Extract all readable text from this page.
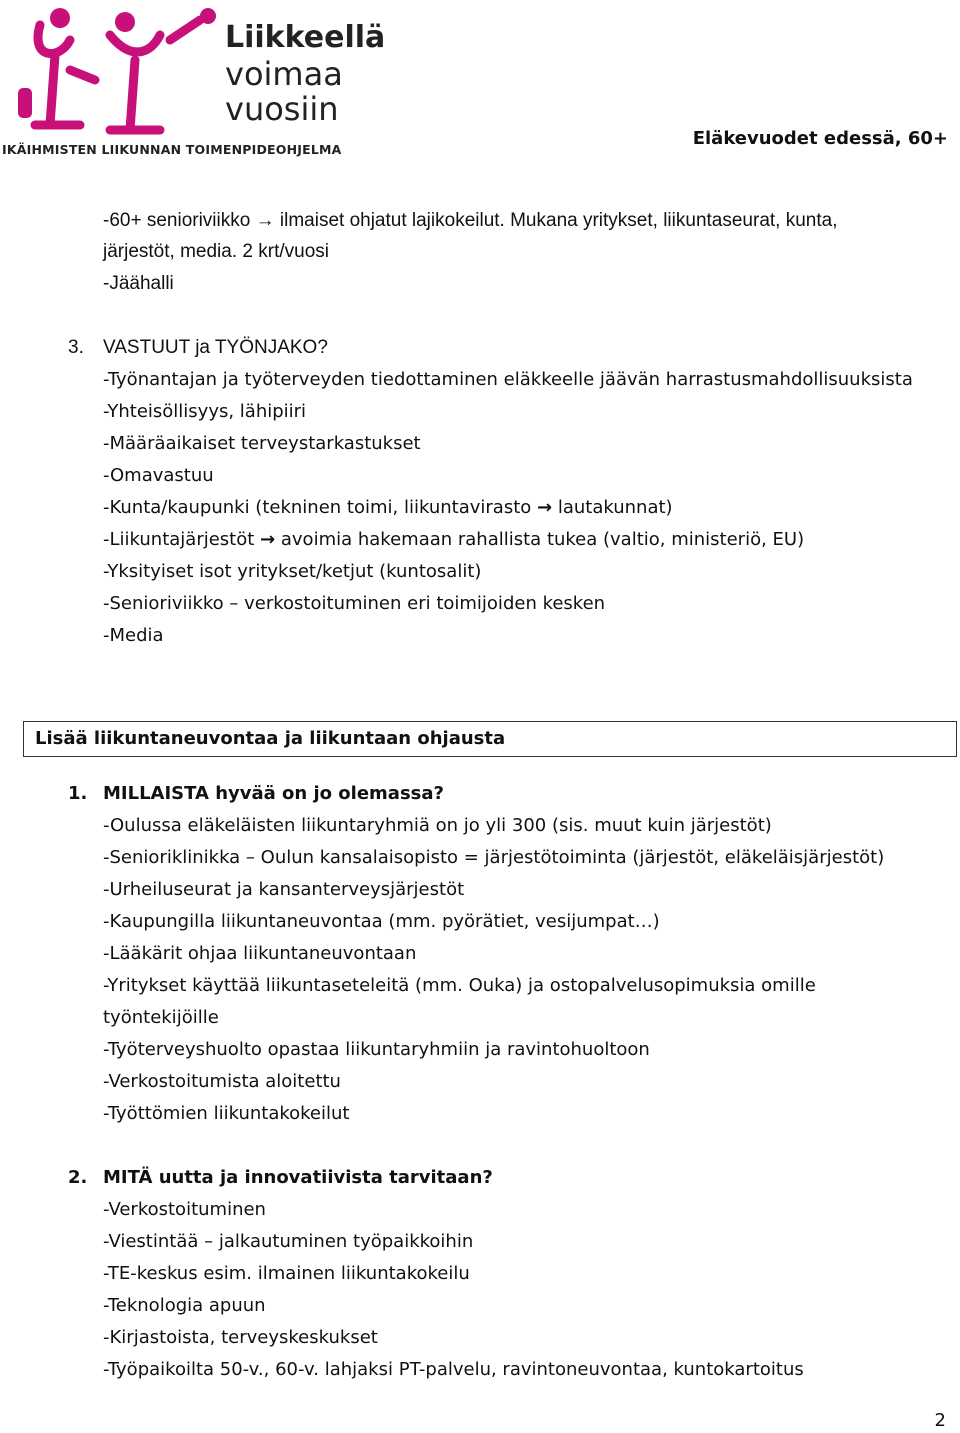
Liikkeellä
voimaa
vuosiin
IKÄIHMISTEN LIIKUNNAN TOIMENPIDEOHJELMA
Eläkevuodet edessä, 60+
-60+ senioriviikko → ilmaiset ohjatut lajikokeilut. Mukana yritykset, liikuntaseurat, kunta,
järjestöt, media. 2 krt/vuosi
-Jäähalli
3. VASTUUT ja TYÖNJAKO?
-Työnantajan ja työterveyden tiedottaminen eläkkeelle jäävän harrastusmahdollisuuksista
-Yhteisöllisyys, lähipiiri
-Määräaikaiset terveystarkastukset
-Omavastuu
-Kunta/kaupunki (tekninen toimi, liikuntavirasto → lautakunnat)
-Liikuntajärjestöt → avoimia hakemaan rahallista tukea (valtio, ministeriö, EU)
-Yksityiset isot yritykset/ketjut (kuntosalit)
-Senioriviikko – verkostoituminen eri toimijoiden kesken
-Media
Lisää liikuntaneuvontaa ja liikuntaan ohjausta
1. MILLAISTA hyvää on jo olemassa?
-Oulussa eläkeläisten liikuntaryhmiä on jo yli 300 (sis. muut kuin järjestöt)
-Senioriklinikka – Oulun kansalaisopisto = järjestötoiminta (järjestöt, eläkeläisjärjestöt)
-Urheiluseurat ja kansanterveysjärjestöt
-Kaupungilla liikuntaneuvontaa (mm. pyörätiet, vesijumpat…)
-Lääkärit ohjaa liikuntaneuvontaan
-Yritykset käyttää liikuntaseteleitä (mm. Ouka) ja ostopalvelusopimuksia omille
työntekijöille
-Työterveyshuolto opastaa liikuntaryhmiin ja ravintohuoltoon
-Verkostoitumista aloitettu
-Työttömien liikuntakokeilut
2. MITÄ uutta ja innovatiivista tarvitaan?
-Verkostoituminen
-Viestintää – jalkautuminen työpaikkoihin
-TE-keskus esim. ilmainen liikuntakokeilu
-Teknologia apuun
-Kirjastoista, terveyskeskukset
-Työpaikoilta 50-v., 60-v. lahjaksi PT-palvelu, ravintoneuvontaa, kuntokartoitus
2
